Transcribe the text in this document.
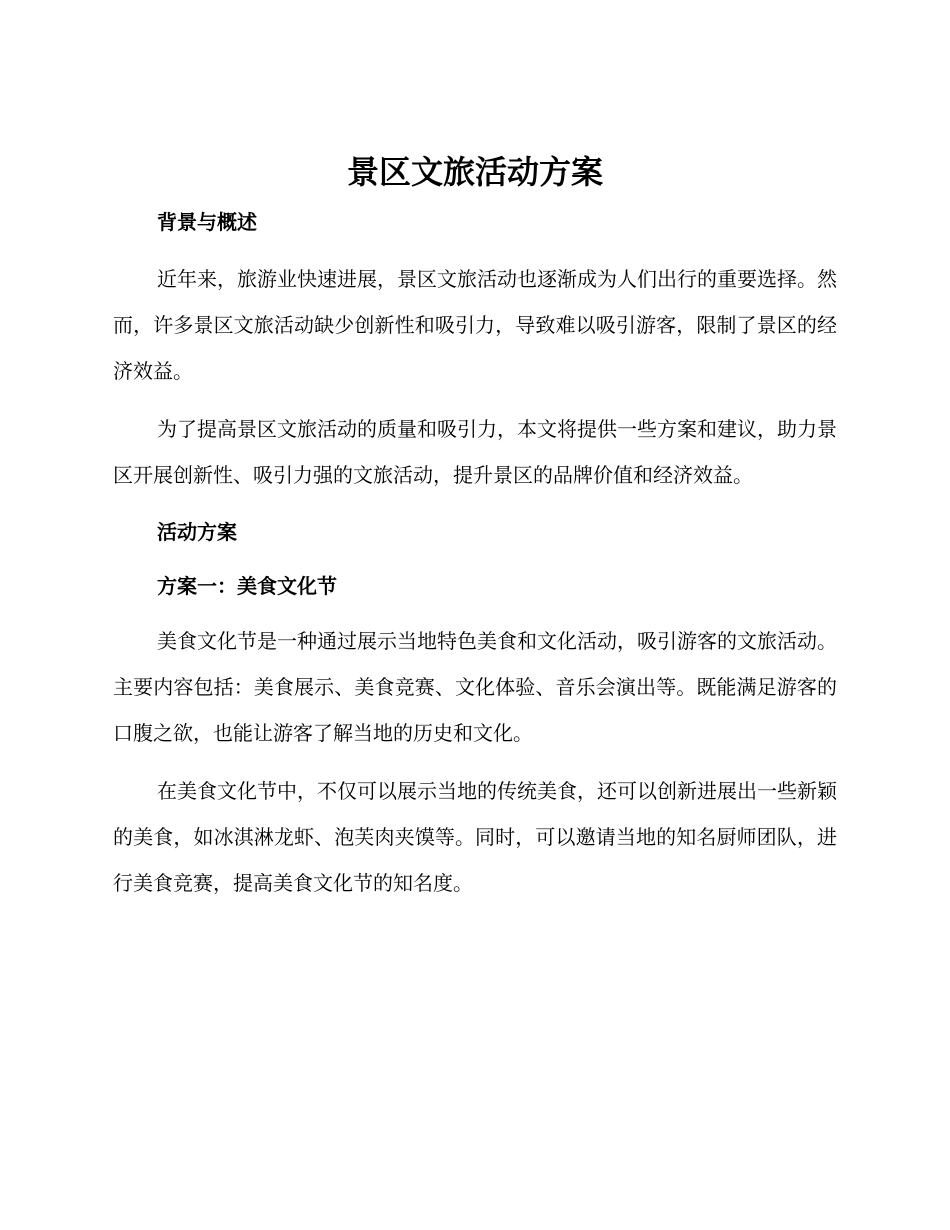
景区文旅活动方案

背景与概述

近年来，旅游业快速进展，景区文旅活动也逐渐成为人们出行的重要选择。然而，许多景区文旅活动缺少创新性和吸引力，导致难以吸引游客，限制了景区的经济效益。

为了提高景区文旅活动的质量和吸引力，本文将提供一些方案和建议，助力景区开展创新性、吸引力强的文旅活动，提升景区的品牌价值和经济效益。

活动方案

方案一：美食文化节

美食文化节是一种通过展示当地特色美食和文化活动，吸引游客的文旅活动。主要内容包括：美食展示、美食竞赛、文化体验、音乐会演出等。既能满足游客的口腹之欲，也能让游客了解当地的历史和文化。

在美食文化节中，不仅可以展示当地的传统美食，还可以创新进展出一些新颖的美食，如冰淇淋龙虾、泡芙肉夹馍等。同时，可以邀请当地的知名厨师团队，进行美食竞赛，提高美食文化节的知名度。
